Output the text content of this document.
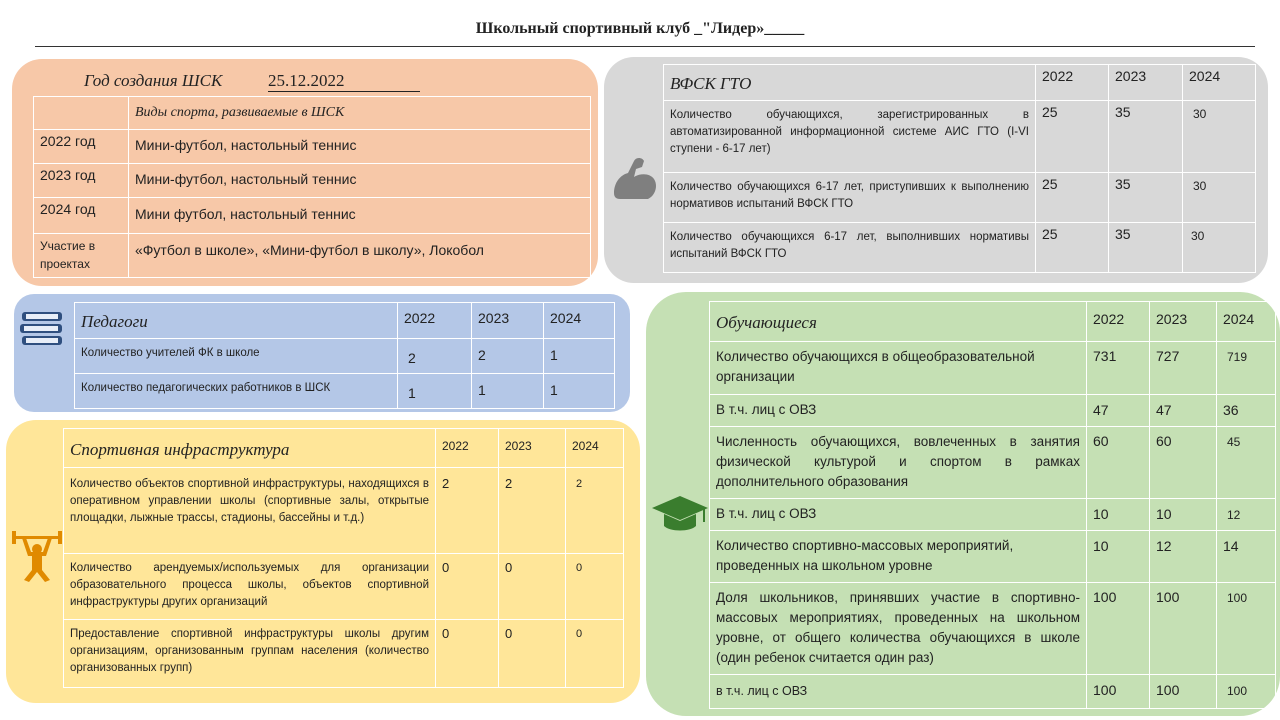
Школьный спортивный клуб _"Лидер»_____
Год создания ШСК	25.12.2022
	Виды спорта, развиваемые в ШСК
2022 год	Мини-футбол, настольный теннис
2023 год	Мини-футбол, настольный теннис
2024 год	Мини футбол, настольный теннис
Участие в проектах	«Футбол в школе», «Мини-футбол в школу», Локобол
ВФСК ГТО	2022	2023	2024
Количество обучающихся, зарегистрированных в автоматизированной информационной системе АИС ГТО (I-VI ступени - 6-17 лет)	25	35	30
Количество обучающихся 6-17 лет, приступивших к выполнению нормативов испытаний ВФСК ГТО	25	35	30
Количество обучающихся 6-17 лет, выполнивших нормативы испытаний ВФСК ГТО	25	35	30
Педагоги	2022	2023	2024
Количество учителей ФК в школе	2	2	1
Количество педагогических работников в ШСК	1	1	1
Спортивная инфраструктура	2022	2023	2024
Количество объектов спортивной инфраструктуры, находящихся в оперативном управлении школы (спортивные залы, открытые площадки, лыжные трассы, стадионы, бассейны и т.д.)	2	2	2
Количество арендуемых/используемых для организации образовательного процесса школы, объектов спортивной инфраструктуры других организаций	0	0	0
Предоставление спортивной инфраструктуры школы другим организациям, организованным группам населения (количество организованных групп)	0	0	0
Обучающиеся	2022	2023	2024
Количество обучающихся в общеобразовательной организации	731	727	719
В т.ч. лиц с ОВЗ	47	47	36
Численность обучающихся, вовлеченных в занятия физической культурой и спортом в рамках дополнительного образования	60	60	45
В т.ч. лиц с ОВЗ	10	10	12
Количество спортивно-массовых мероприятий, проведенных на школьном уровне	10	12	14
Доля школьников, принявших участие в спортивно-массовых мероприятиях, проведенных на школьном уровне, от общего количества обучающихся в школе (один ребенок считается один раз)	100	100	100
в т.ч. лиц с ОВЗ	100	100	100
